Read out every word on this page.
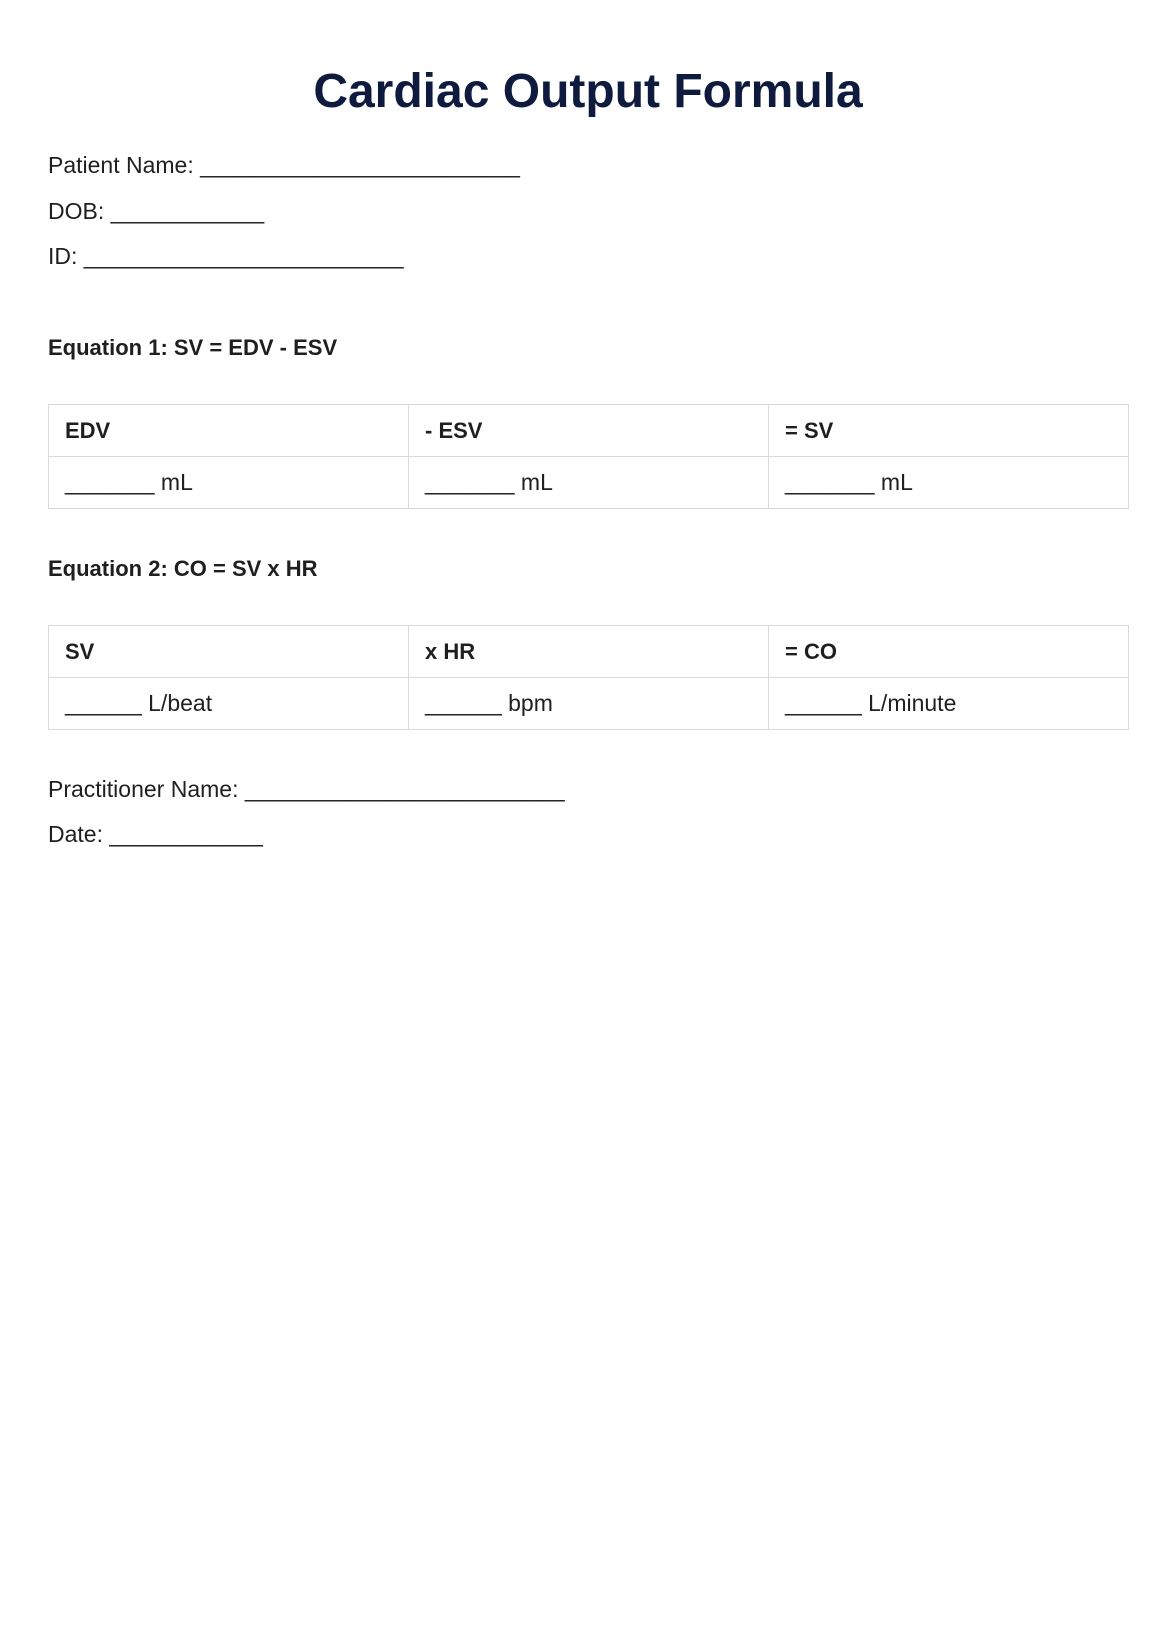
Cardiac Output Formula
Patient Name: _________________________
DOB: ____________
ID: _________________________
Equation 1: SV = EDV - ESV
EDV	- ESV	= SV
_______ mL	_______ mL	_______ mL
Equation 2: CO = SV x HR
SV	x HR	= CO
______ L/beat	______ bpm	______ L/minute
Practitioner Name: _________________________
Date: ____________
